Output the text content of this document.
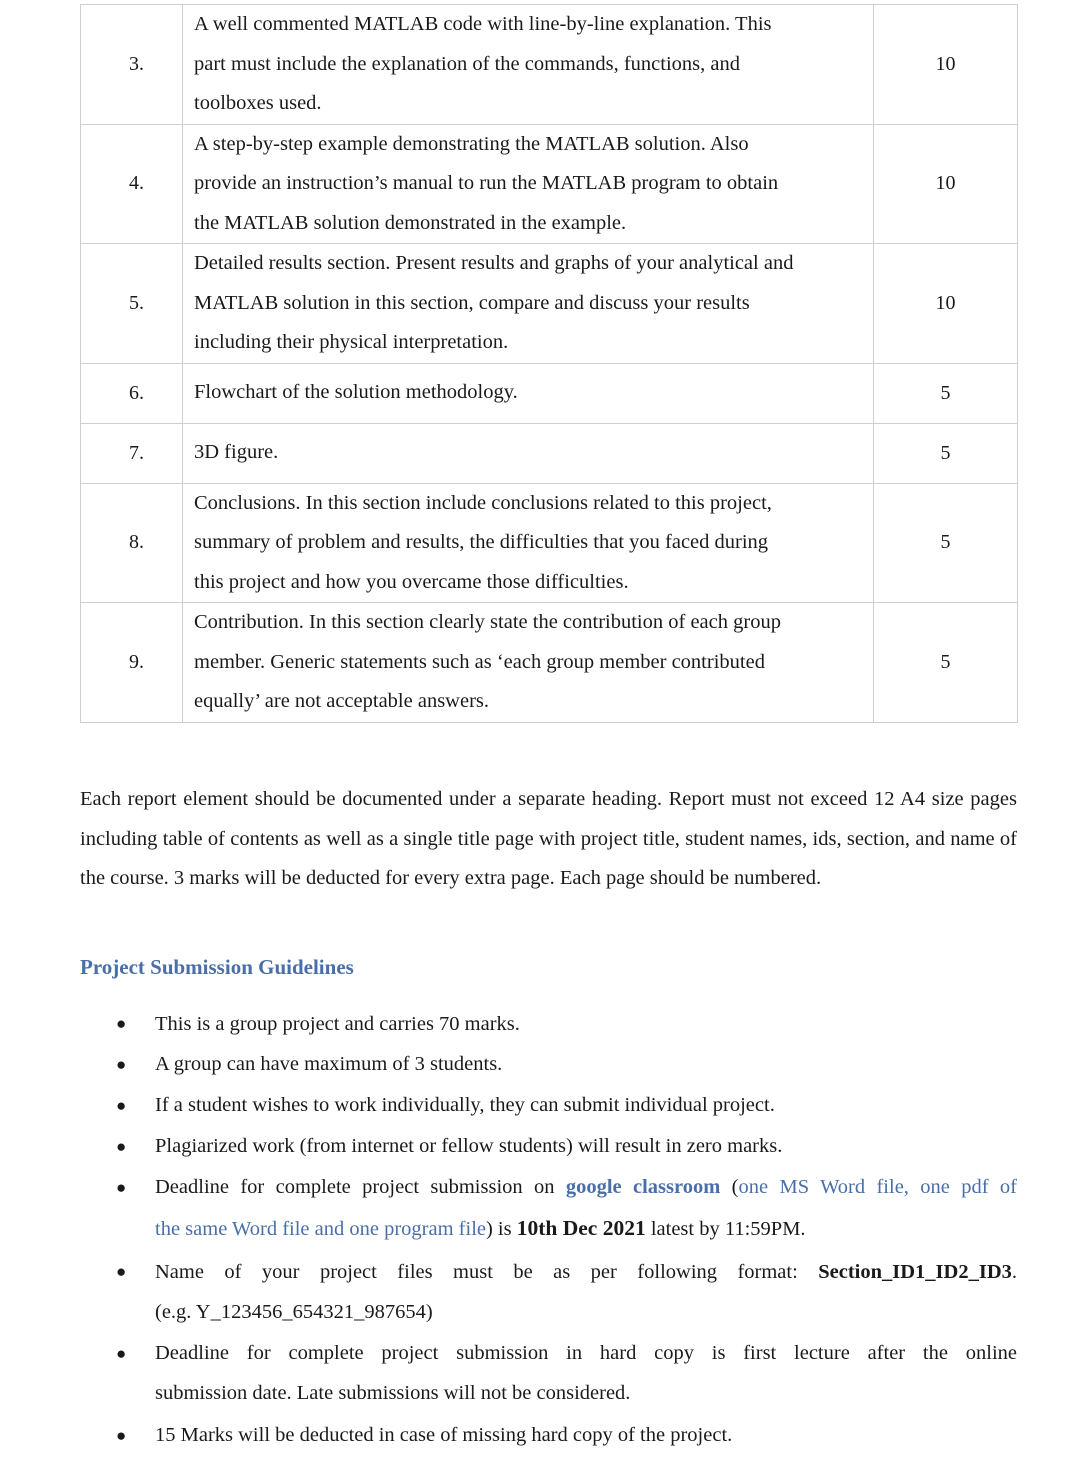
3.	A well commented MATLAB code with line-by-line explanation. This
part must include the explanation of the commands, functions, and
toolboxes used.	10
4.	A step-by-step example demonstrating the MATLAB solution. Also
provide an instruction’s manual to run the MATLAB program to obtain
the MATLAB solution demonstrated in the example.	10
5.	Detailed results section. Present results and graphs of your analytical and
MATLAB solution in this section, compare and discuss your results
including their physical interpretation.	10
6.	Flowchart of the solution methodology.	5
7.	3D figure.	5
8.	Conclusions. In this section include conclusions related to this project,
summary of problem and results, the difficulties that you faced during
this project and how you overcame those difficulties.	5
9.	Contribution. In this section clearly state the contribution of each group
member. Generic statements such as ‘each group member contributed
equally’ are not acceptable answers.	5

Each report element should be documented under a separate heading. Report must not exceed 12 A4 size pages including table of contents as well as a single title page with project title, student names, ids, section, and name of the course. 3 marks will be deducted for every extra page. Each page should be numbered.

Project Submission Guidelines
● This is a group project and carries 70 marks.
● A group can have maximum of 3 students.
● If a student wishes to work individually, they can submit individual project.
● Plagiarized work (from internet or fellow students) will result in zero marks.
● Deadline for complete project submission on google classroom (one MS Word file, one pdf of
the same Word file and one program file) is 10th Dec 2021 latest by 11:59PM.
● Name of your project files must be as per following format: Section_ID1_ID2_ID3.
(e.g. Y_123456_654321_987654)
● Deadline for complete project submission in hard copy is first lecture after the online
submission date. Late submissions will not be considered.
● 15 Marks will be deducted in case of missing hard copy of the project.
